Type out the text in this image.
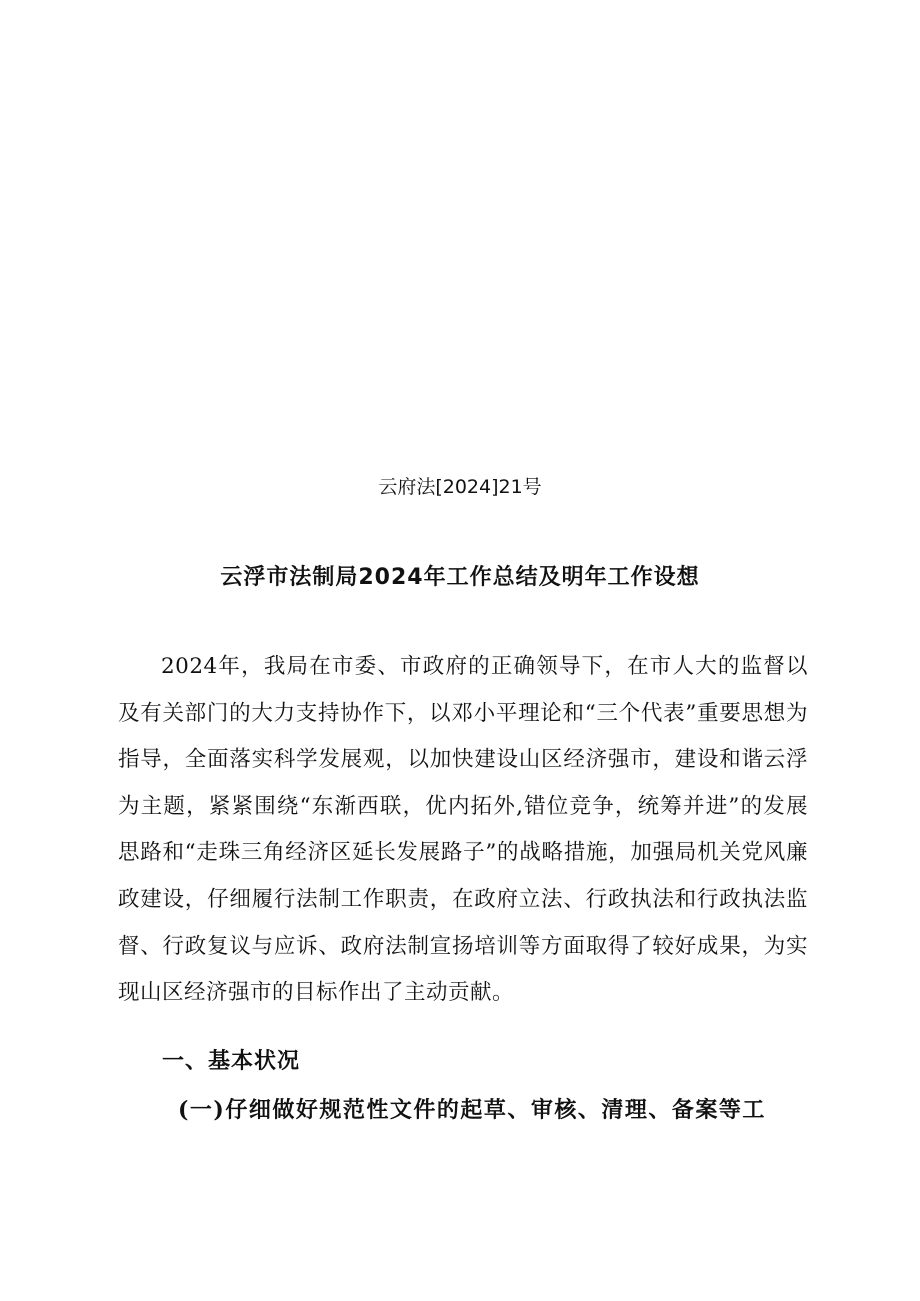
云府法[2024]21号
云浮市法制局2024年工作总结及明年工作设想

2024年，我局在市委、市政府的正确领导下，在市人大的监督以及有关部门的大力支持协作下，以邓小平理论和“三个代表”重要思想为指导，全面落实科学发展观，以加快建设山区经济强市，建设和谐云浮为主题，紧紧围绕“东渐西联，优内拓外,错位竞争，统筹并进”的发展思路和“走珠三角经济区延长发展路子”的战略措施，加强局机关党风廉政建设，仔细履行法制工作职责，在政府立法、行政执法和行政执法监督、行政复议与应诉、政府法制宣扬培训等方面取得了较好成果，为实现山区经济强市的目标作出了主动贡献。

一、基本状况

(一)仔细做好规范性文件的起草、审核、清理、备案等工
